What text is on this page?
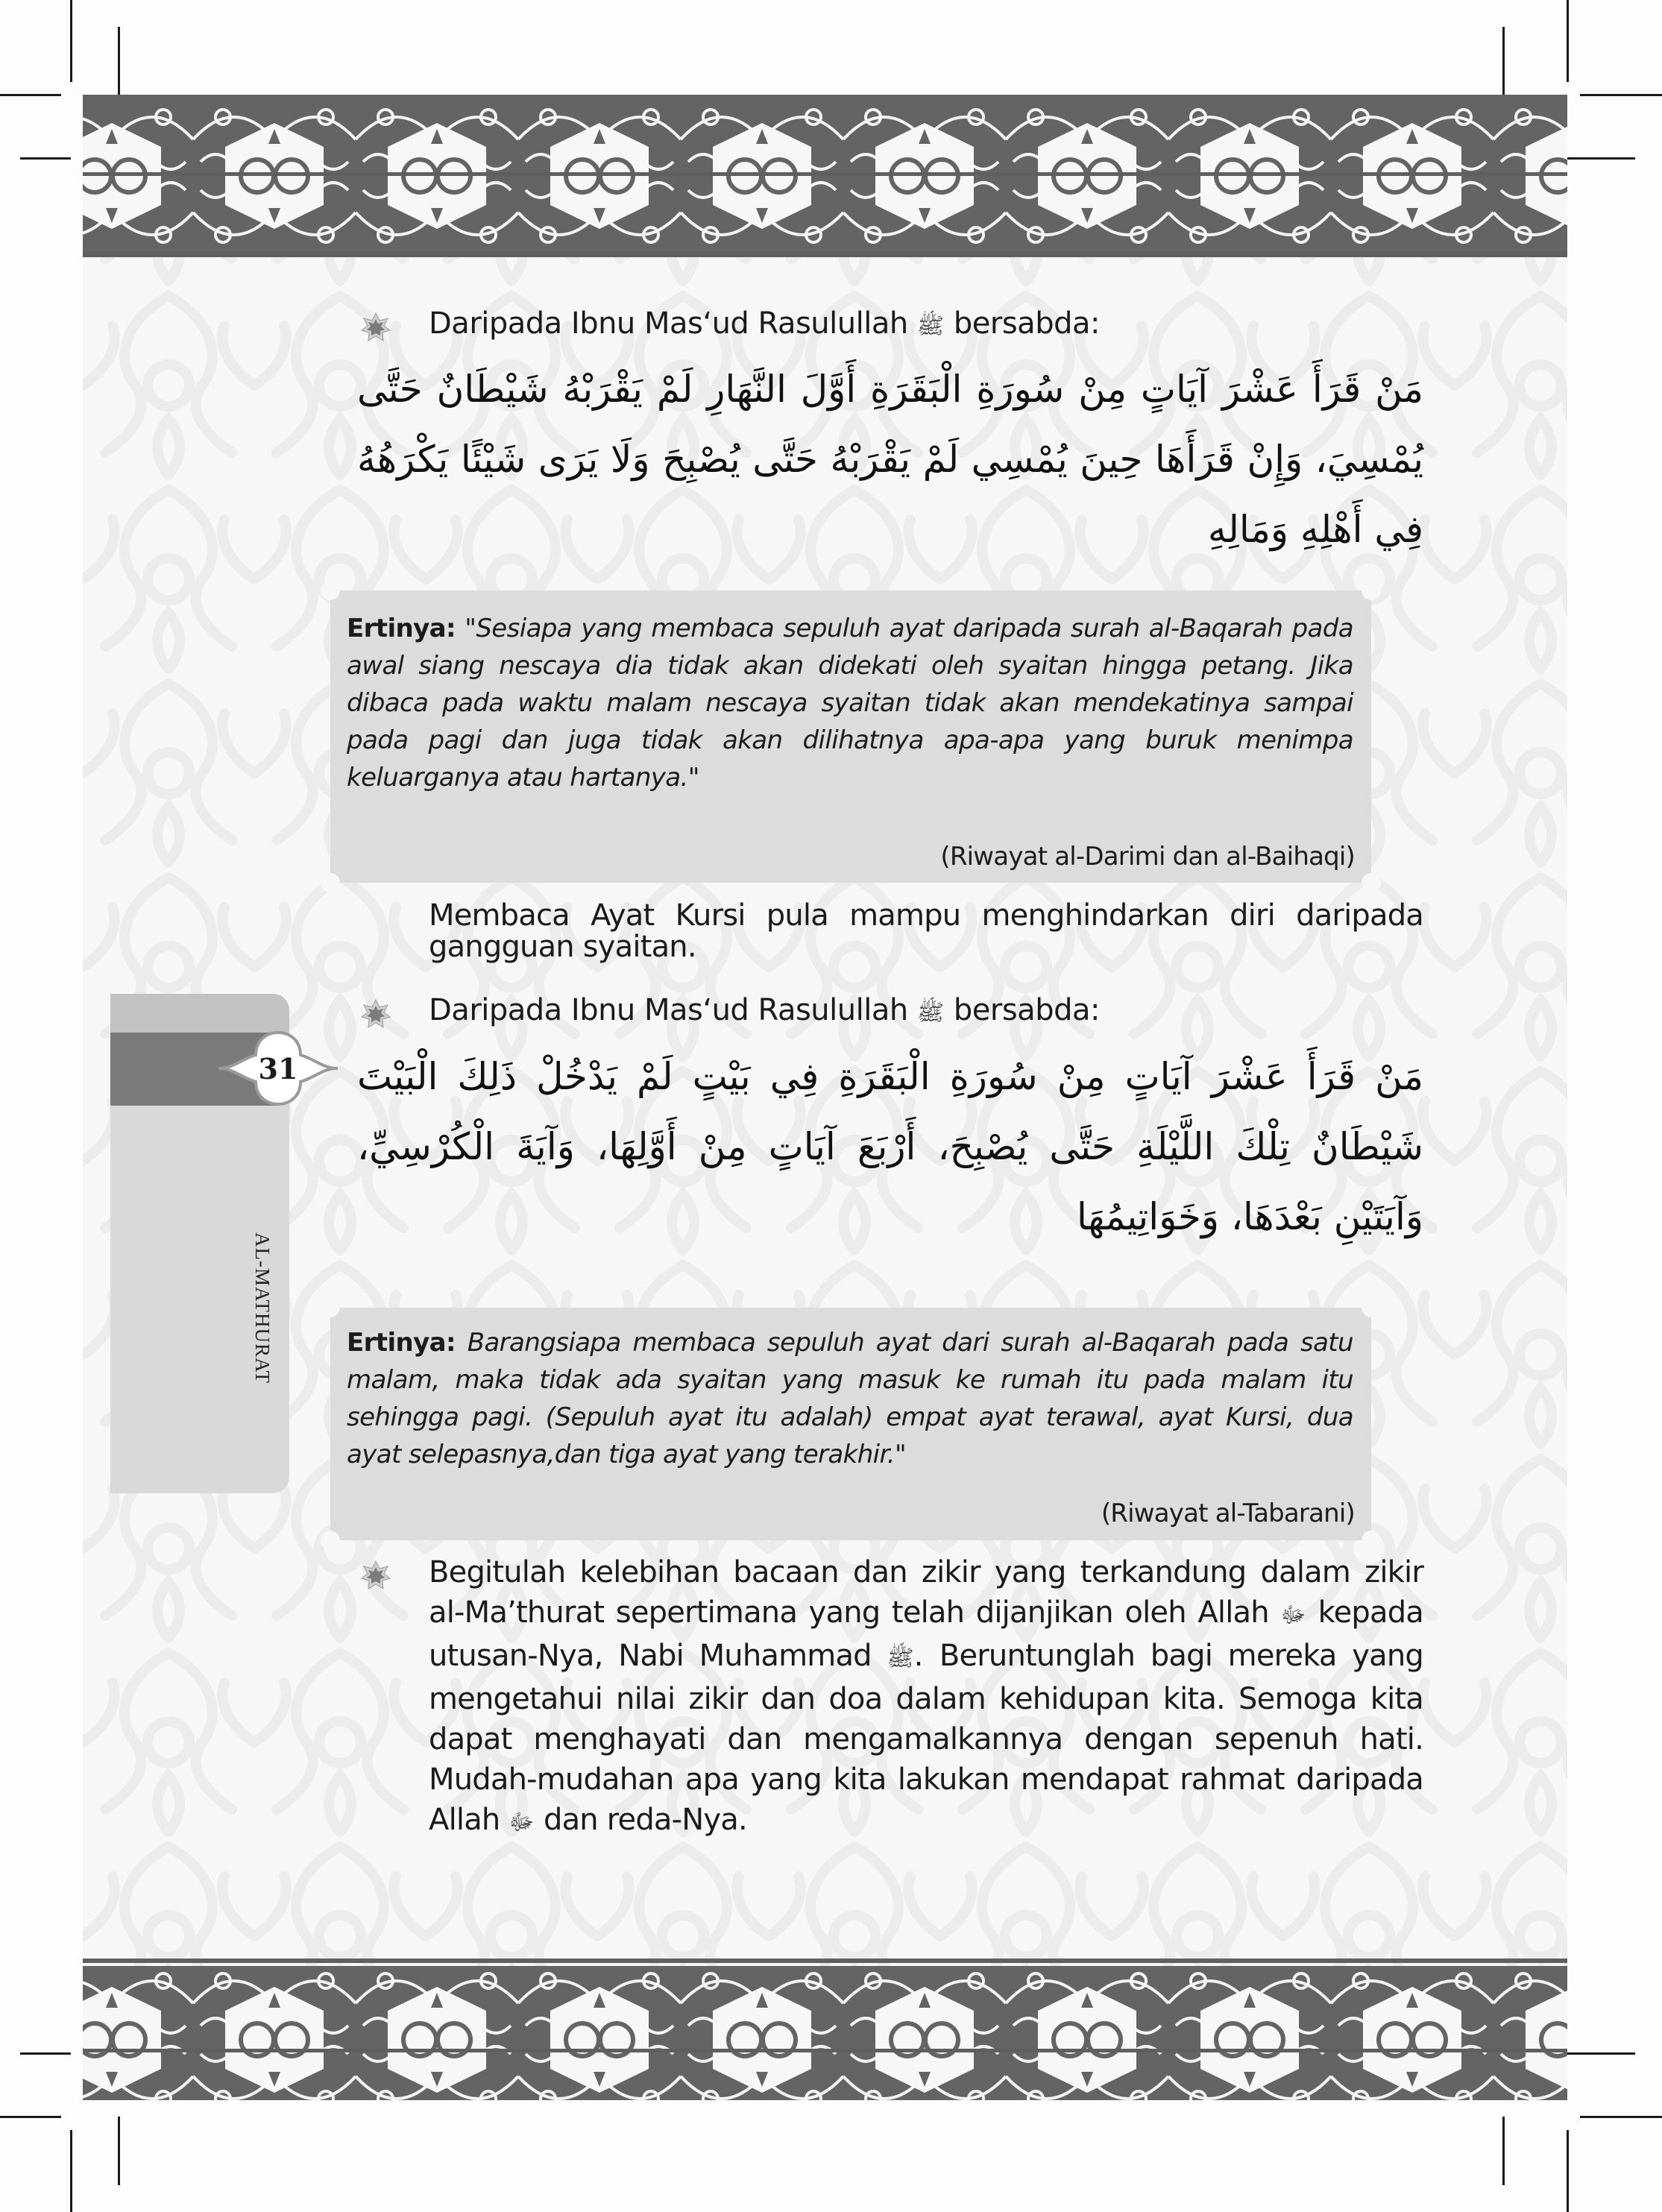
31
AL-MATHURAT
Daripada Ibnu Mas‘ud Rasulullah ﷺ bersabda:
مَنْ قَرَأَ عَشْرَ آيَاتٍ مِنْ سُورَةِ الْبَقَرَةِ أَوَّلَ النَّهَارِ لَمْ يَقْرَبْهُ شَيْطَانٌ حَتَّى يُمْسِيَ، وَإِنْ قَرَأَهَا حِينَ يُمْسِي لَمْ يَقْرَبْهُ حَتَّى يُصْبِحَ وَلَا يَرَى شَيْئًا يَكْرَهُهُ فِي أَهْلِهِ وَمَالِهِ
Ertinya: "Sesiapa yang membaca sepuluh ayat daripada surah al-Baqarah pada awal siang nescaya dia tidak akan didekati oleh syaitan hingga petang. Jika dibaca pada waktu malam nescaya syaitan tidak akan mendekatinya sampai pada pagi dan juga tidak akan dilihatnya apa-apa yang buruk menimpa keluarganya atau hartanya."
(Riwayat al-Darimi dan al-Baihaqi)
Membaca Ayat Kursi pula mampu menghindarkan diri daripada gangguan syaitan.
Daripada Ibnu Mas‘ud Rasulullah ﷺ bersabda:
مَنْ قَرَأَ عَشْرَ آيَاتٍ مِنْ سُورَةِ الْبَقَرَةِ فِي بَيْتٍ لَمْ يَدْخُلْ ذَلِكَ الْبَيْتَ شَيْطَانٌ تِلْكَ اللَّيْلَةِ حَتَّى يُصْبِحَ، أَرْبَعَ آيَاتٍ مِنْ أَوَّلِهَا، وَآيَةَ الْكُرْسِيِّ، وَآيَتَيْنِ بَعْدَهَا، وَخَوَاتِيمُهَا
Ertinya: Barangsiapa membaca sepuluh ayat dari surah al-Baqarah pada satu malam, maka tidak ada syaitan yang masuk ke rumah itu pada malam itu sehingga pagi. (Sepuluh ayat itu adalah) empat ayat terawal, ayat Kursi, dua ayat selepasnya,dan tiga ayat yang terakhir."
(Riwayat al-Tabarani)
Begitulah kelebihan bacaan dan zikir yang terkandung dalam zikir al-Ma’thurat sepertimana yang telah dijanjikan oleh Allah ﷻ kepada utusan-Nya, Nabi Muhammad ﷺ. Beruntunglah bagi mereka yang mengetahui nilai zikir dan doa dalam kehidupan kita. Semoga kita dapat menghayati dan mengamalkannya dengan sepenuh hati. Mudah-mudahan apa yang kita lakukan mendapat rahmat daripada Allah ﷻ dan reda-Nya.
